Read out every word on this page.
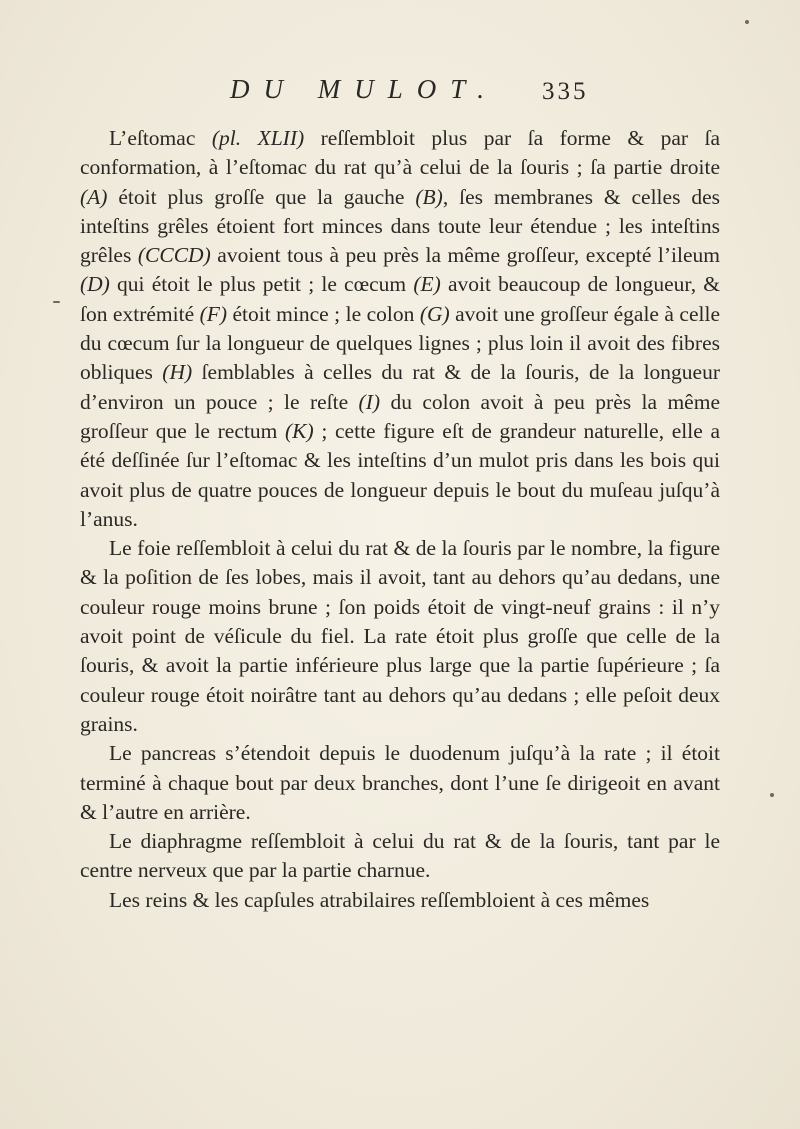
DU MULOT. 335

L’eſtomac (pl. XLII) reſſembloit plus par ſa forme & par ſa conformation, à l’eſtomac du rat qu’à celui de la ſouris ; ſa partie droite (A) étoit plus groſſe que la gauche (B), ſes membranes & celles des inteſtins grêles étoient fort minces dans toute leur étendue ; les inteſtins grêles (CCCD) avoient tous à peu près la même groſſeur, excepté l’ileum (D) qui étoit le plus petit ; le cœcum (E) avoit beaucoup de longueur, & ſon extrémité (F) étoit mince ; le colon (G) avoit une groſſeur égale à celle du cœcum ſur la longueur de quelques lignes ; plus loin il avoit des fibres obliques (H) ſemblables à celles du rat & de la ſouris, de la longueur d’environ un pouce ; le reſte (I) du colon avoit à peu près la même groſſeur que le rectum (K) ; cette figure eſt de grandeur naturelle, elle a été deſſinée ſur l’eſtomac & les inteſtins d’un mulot pris dans les bois qui avoit plus de quatre pouces de longueur depuis le bout du muſeau juſqu’à l’anus.

Le foie reſſembloit à celui du rat & de la ſouris par le nombre, la figure & la poſition de ſes lobes, mais il avoit, tant au dehors qu’au dedans, une couleur rouge moins brune ; ſon poids étoit de vingt-neuf grains : il n’y avoit point de véſicule du fiel. La rate étoit plus groſſe que celle de la ſouris, & avoit la partie inférieure plus large que la partie ſupérieure ; ſa couleur rouge étoit noirâtre tant au dehors qu’au dedans ; elle peſoit deux grains.

Le pancreas s’étendoit depuis le duodenum juſqu’à la rate ; il étoit terminé à chaque bout par deux branches, dont l’une ſe dirigeoit en avant & l’autre en arrière.

Le diaphragme reſſembloit à celui du rat & de la ſouris, tant par le centre nerveux que par la partie charnue.

Les reins & les capſules atrabilaires reſſembloient à ces mêmes
